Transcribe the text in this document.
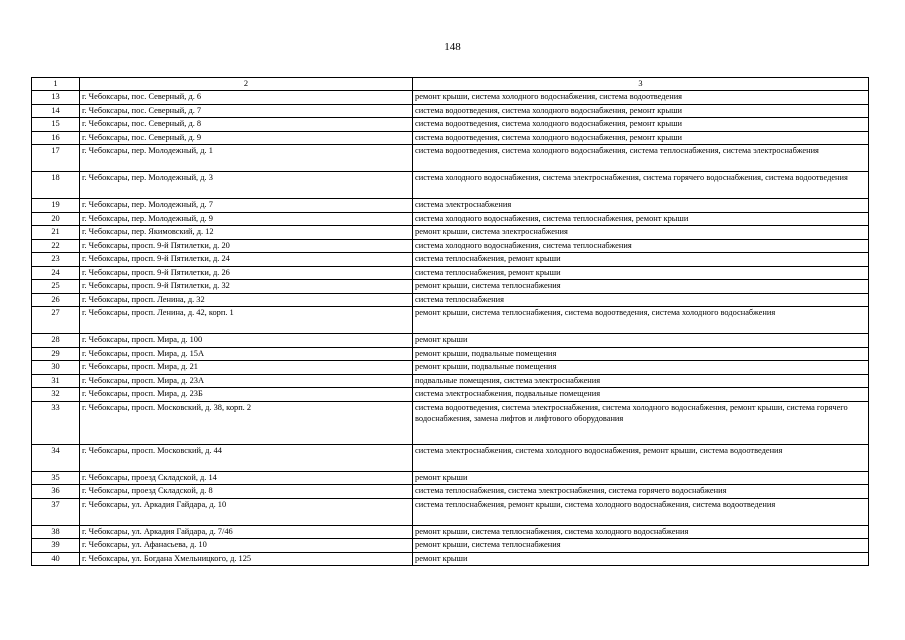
148
1	2	3
13	г. Чебоксары, пос. Северный, д. 6	ремонт крыши, система холодного водоснабжения, система водоотведения
14	г. Чебоксары, пос. Северный, д. 7	система водоотведения, система холодного водоснабжения, ремонт крыши
15	г. Чебоксары, пос. Северный, д. 8	система водоотведения, система холодного водоснабжения, ремонт крыши
16	г. Чебоксары, пос. Северный, д. 9	система водоотведения, система холодного водоснабжения, ремонт крыши
17	г. Чебоксары, пер. Молодежный, д. 1	система водоотведения, система холодного водоснабжения, система теплоснабжения, система электроснабжения
18	г. Чебоксары, пер. Молодежный, д. 3	система холодного водоснабжения, система электроснабжения, система горячего водоснабжения, система водоотведения
19	г. Чебоксары, пер. Молодежный, д. 7	система электроснабжения
20	г. Чебоксары, пер. Молодежный, д. 9	система холодного водоснабжения, система теплоснабжения, ремонт крыши
21	г. Чебоксары, пер. Якимовский, д. 12	ремонт крыши, система электроснабжения
22	г. Чебоксары, просп. 9-й Пятилетки, д. 20	система холодного водоснабжения, система теплоснабжения
23	г. Чебоксары, просп. 9-й Пятилетки, д. 24	система теплоснабжения, ремонт крыши
24	г. Чебоксары, просп. 9-й Пятилетки, д. 26	система теплоснабжения, ремонт крыши
25	г. Чебоксары, просп. 9-й Пятилетки, д. 32	ремонт крыши, система теплоснабжения
26	г. Чебоксары, просп. Ленина, д. 32	система теплоснабжения
27	г. Чебоксары, просп. Ленина, д. 42, корп. 1	ремонт крыши, система теплоснабжения, система водоотведения, система холодного водоснабжения
28	г. Чебоксары, просп. Мира, д. 100	ремонт крыши
29	г. Чебоксары, просп. Мира, д. 15А	ремонт крыши, подвальные помещения
30	г. Чебоксары, просп. Мира, д. 21	ремонт крыши, подвальные помещения
31	г. Чебоксары, просп. Мира, д. 23А	подвальные помещения, система электроснабжения
32	г. Чебоксары, просп. Мира, д. 23Б	система электроснабжения, подвальные помещения
33	г. Чебоксары, просп. Московский, д. 38, корп. 2	система водоотведения, система электроснабжения, система холодного водоснабжения, ремонт крыши, система горячего водоснабжения, замена лифтов и лифтового оборудования
34	г. Чебоксары, просп. Московский, д. 44	система электроснабжения, система холодного водоснабжения, ремонт крыши, система водоотведения
35	г. Чебоксары, проезд Складской, д. 14	ремонт крыши
36	г. Чебоксары, проезд Складской, д. 8	система теплоснабжения, система электроснабжения, система горячего водоснабжения
37	г. Чебоксары, ул. Аркадия Гайдара, д. 10	система теплоснабжения, ремонт крыши, система холодного водоснабжения, система водоотведения
38	г. Чебоксары, ул. Аркадия Гайдара, д. 7/46	ремонт крыши, система теплоснабжения, система холодного водоснабжения
39	г. Чебоксары, ул. Афанасьева, д. 10	ремонт крыши, система теплоснабжения
40	г. Чебоксары, ул. Богдана Хмельницкого, д. 125	ремонт крыши
